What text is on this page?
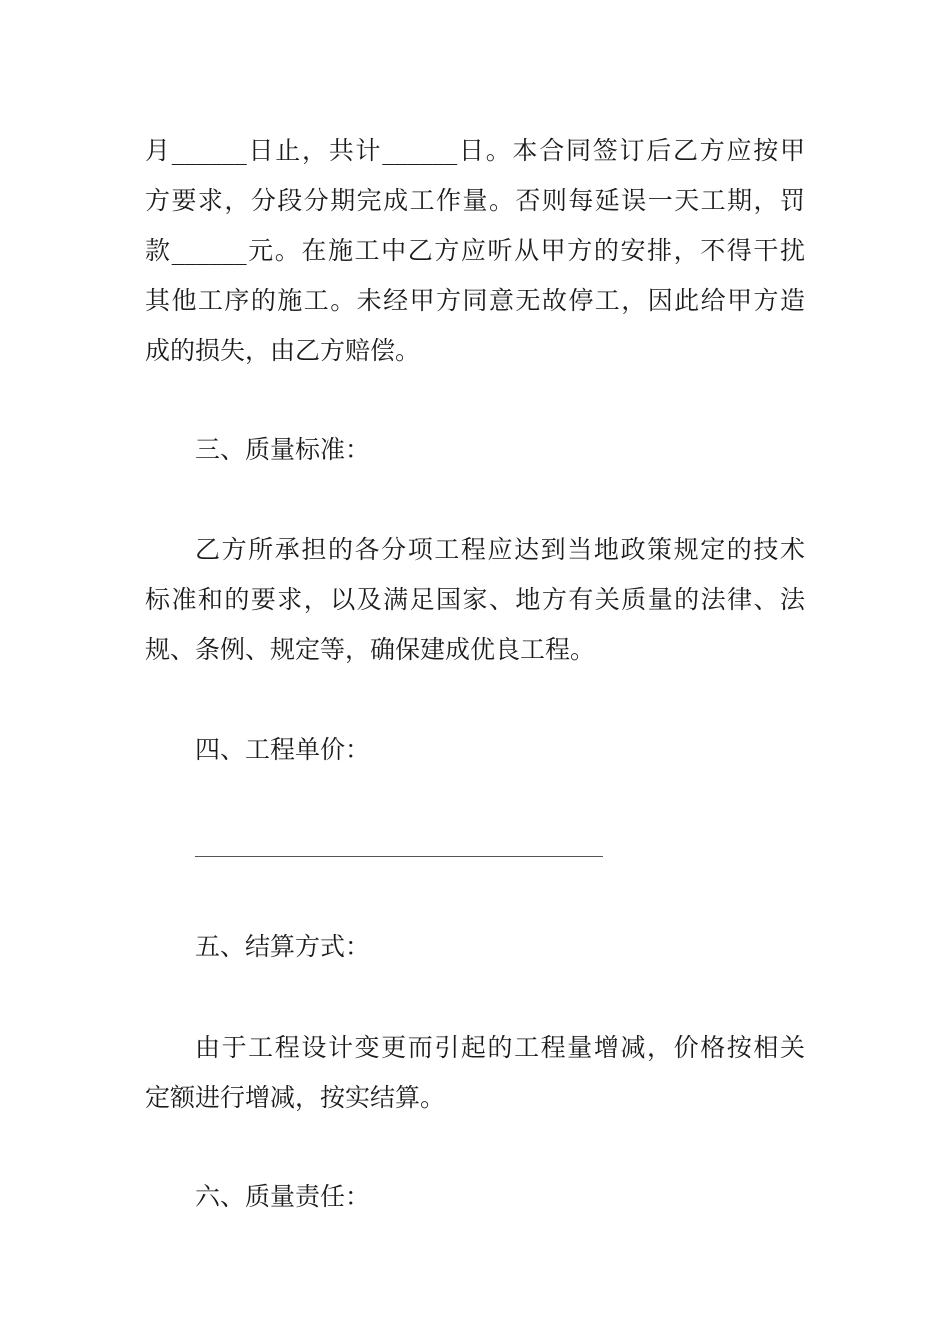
月______日止，共计______日。本合同签订后乙方应按甲
方要求，分段分期完成工作量。否则每延误一天工期，罚
款______元。在施工中乙方应听从甲方的安排，不得干扰
其他工序的施工。未经甲方同意无故停工，因此给甲方造
成的损失，由乙方赔偿。

三、质量标准：

乙方所承担的各分项工程应达到当地政策规定的技术
标准和的要求，以及满足国家、地方有关质量的法律、法
规、条例、规定等，确保建成优良工程。

四、工程单价：

五、结算方式：

由于工程设计变更而引起的工程量增减，价格按相关
定额进行增减，按实结算。

六、质量责任：
